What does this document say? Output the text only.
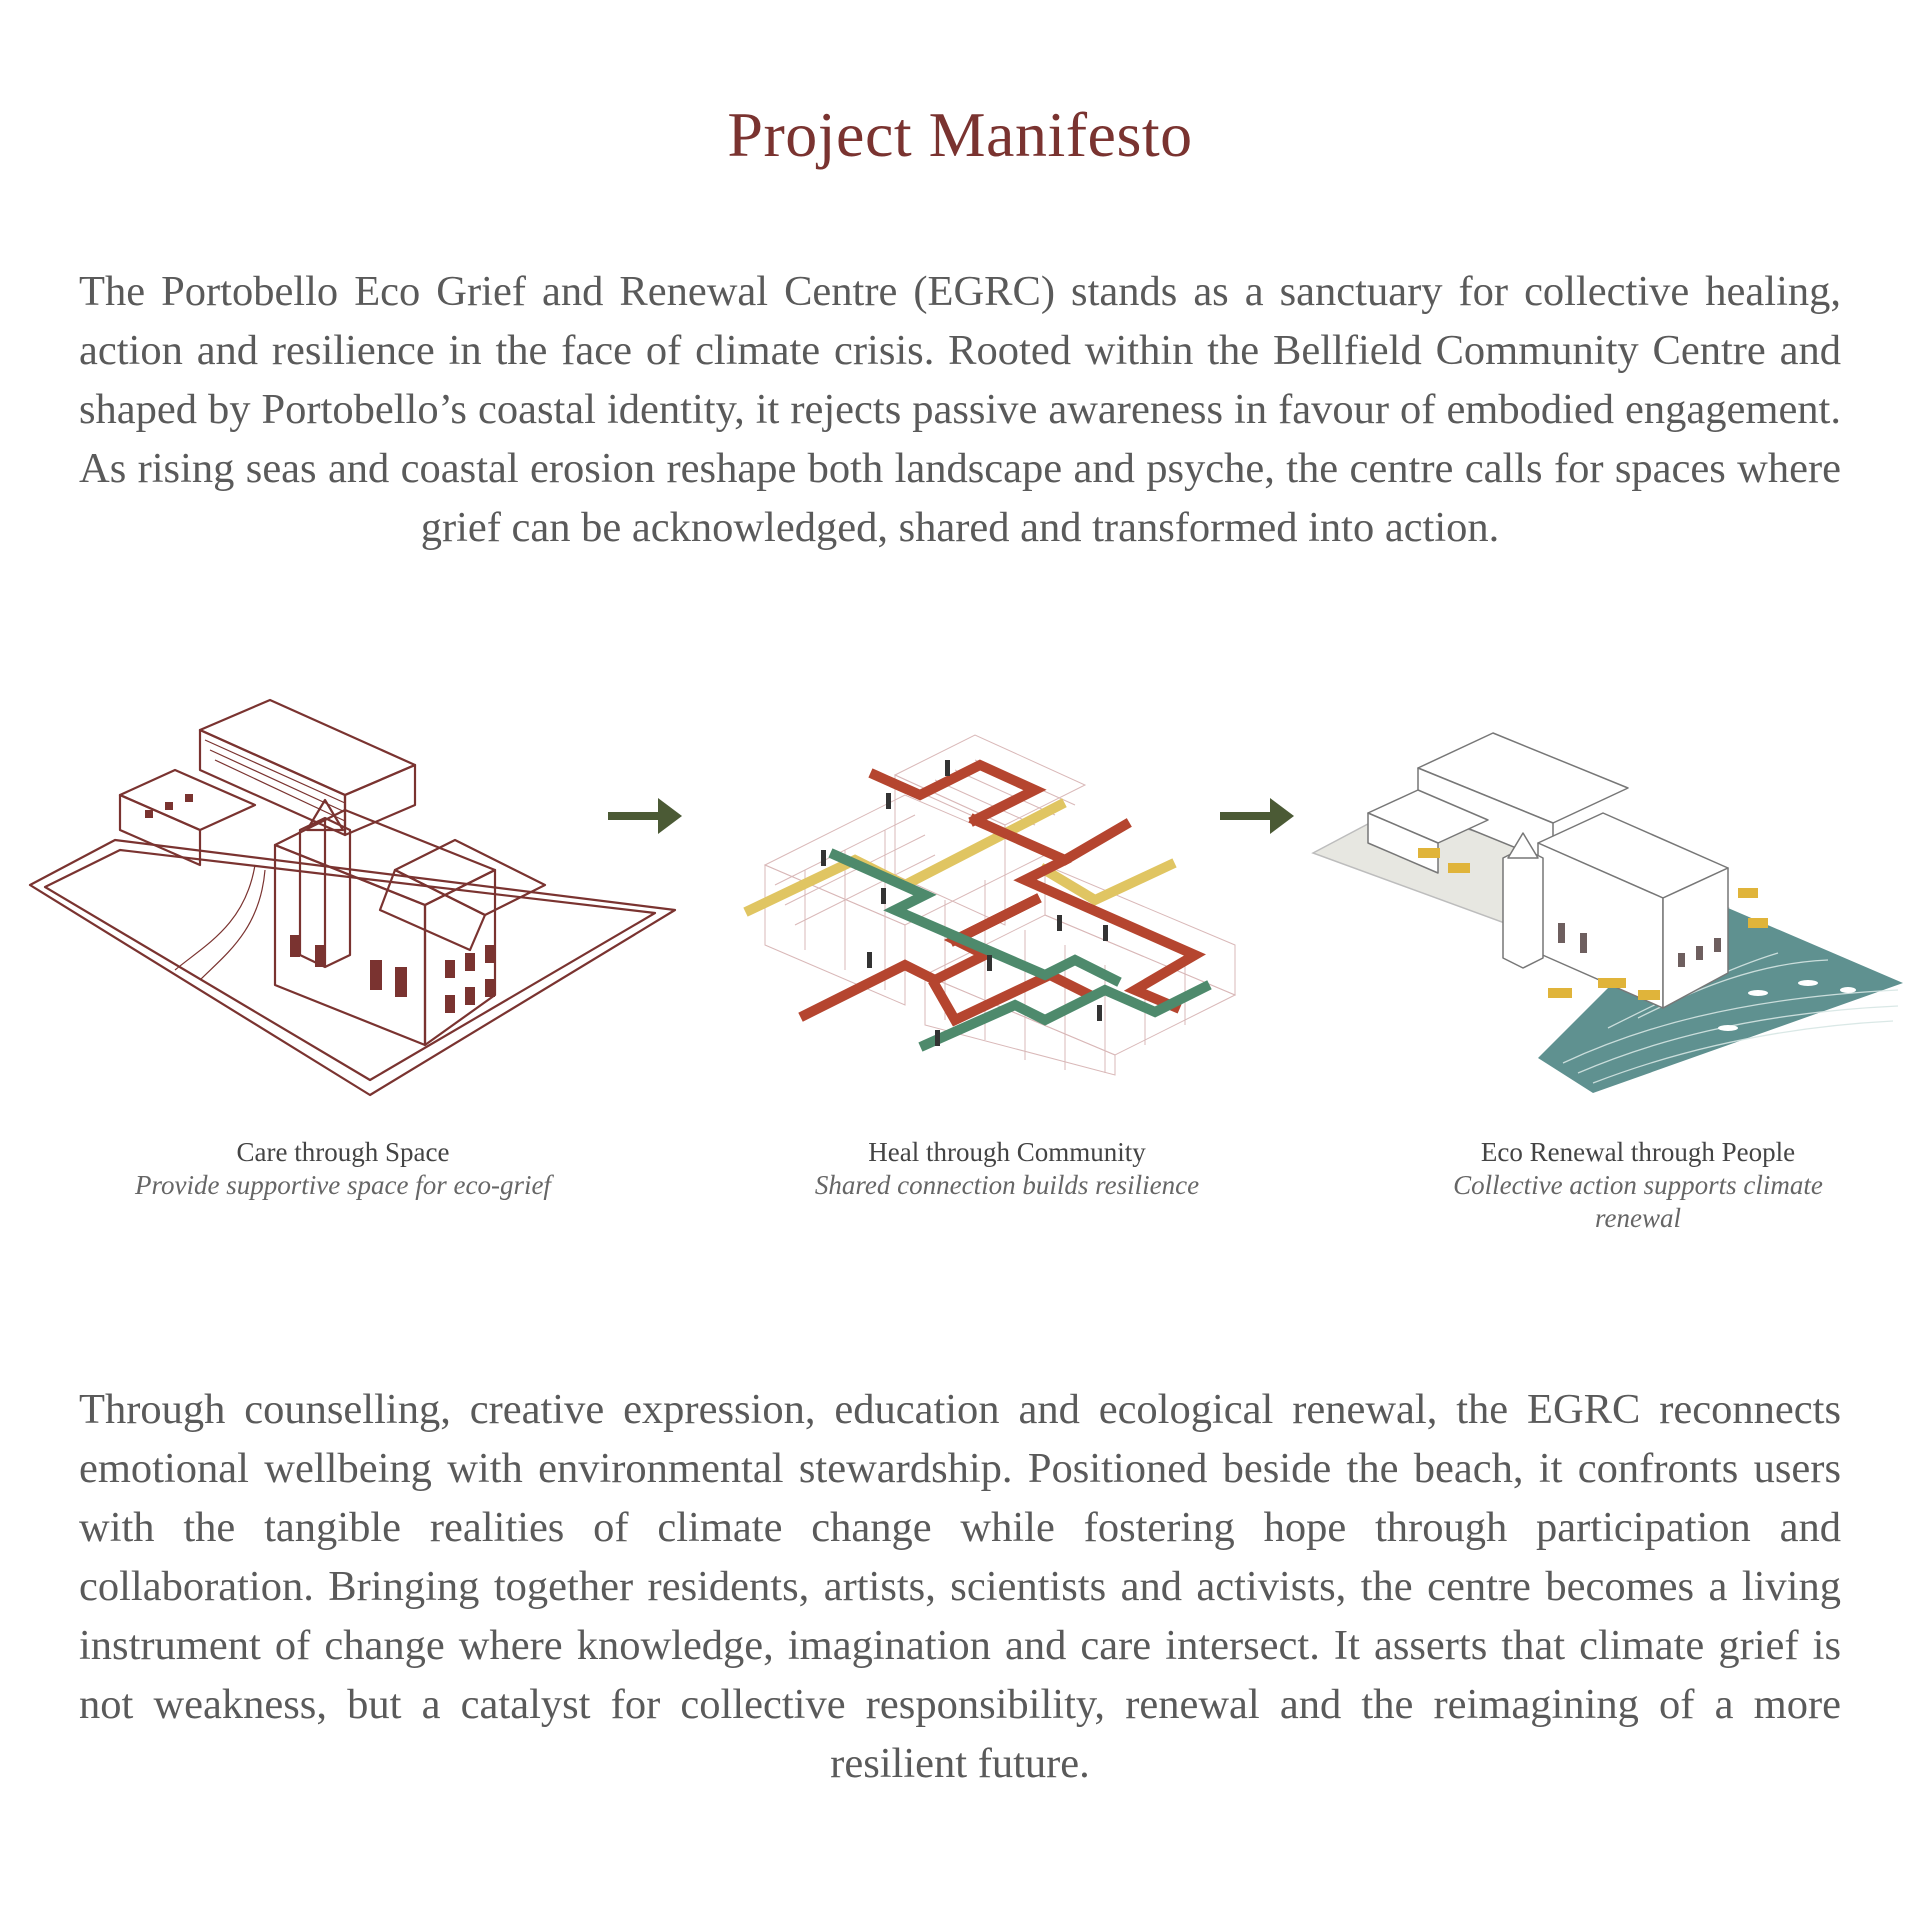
Project Manifesto

The Portobello Eco Grief and Renewal Centre (EGRC) stands as a sanctuary for collective healing, action and resilience in the face of climate crisis. Rooted within the Bellfield Community Centre and shaped by Portobello’s coastal identity, it rejects passive awareness in favour of embodied engagement. As rising seas and coastal erosion reshape both landscape and psyche, the centre calls for spaces where grief can be acknowledged, shared and transformed into action.

Care through Space
Provide supportive space for eco-grief
Heal through Community
Shared connection builds resilience
Eco Renewal through People
Collective action supports climate renewal

Through counselling, creative expression, education and ecological renewal, the EGRC reconnects emotional wellbeing with environmental stewardship. Positioned beside the beach, it confronts users with the tangible realities of climate change while fostering hope through participation and collaboration. Bringing together residents, artists, scientists and activists, the centre becomes a living instrument of change where knowledge, imagination and care intersect. It asserts that climate grief is not weakness, but a catalyst for collective responsibility, renewal and the reimagining of a more resilient future.
